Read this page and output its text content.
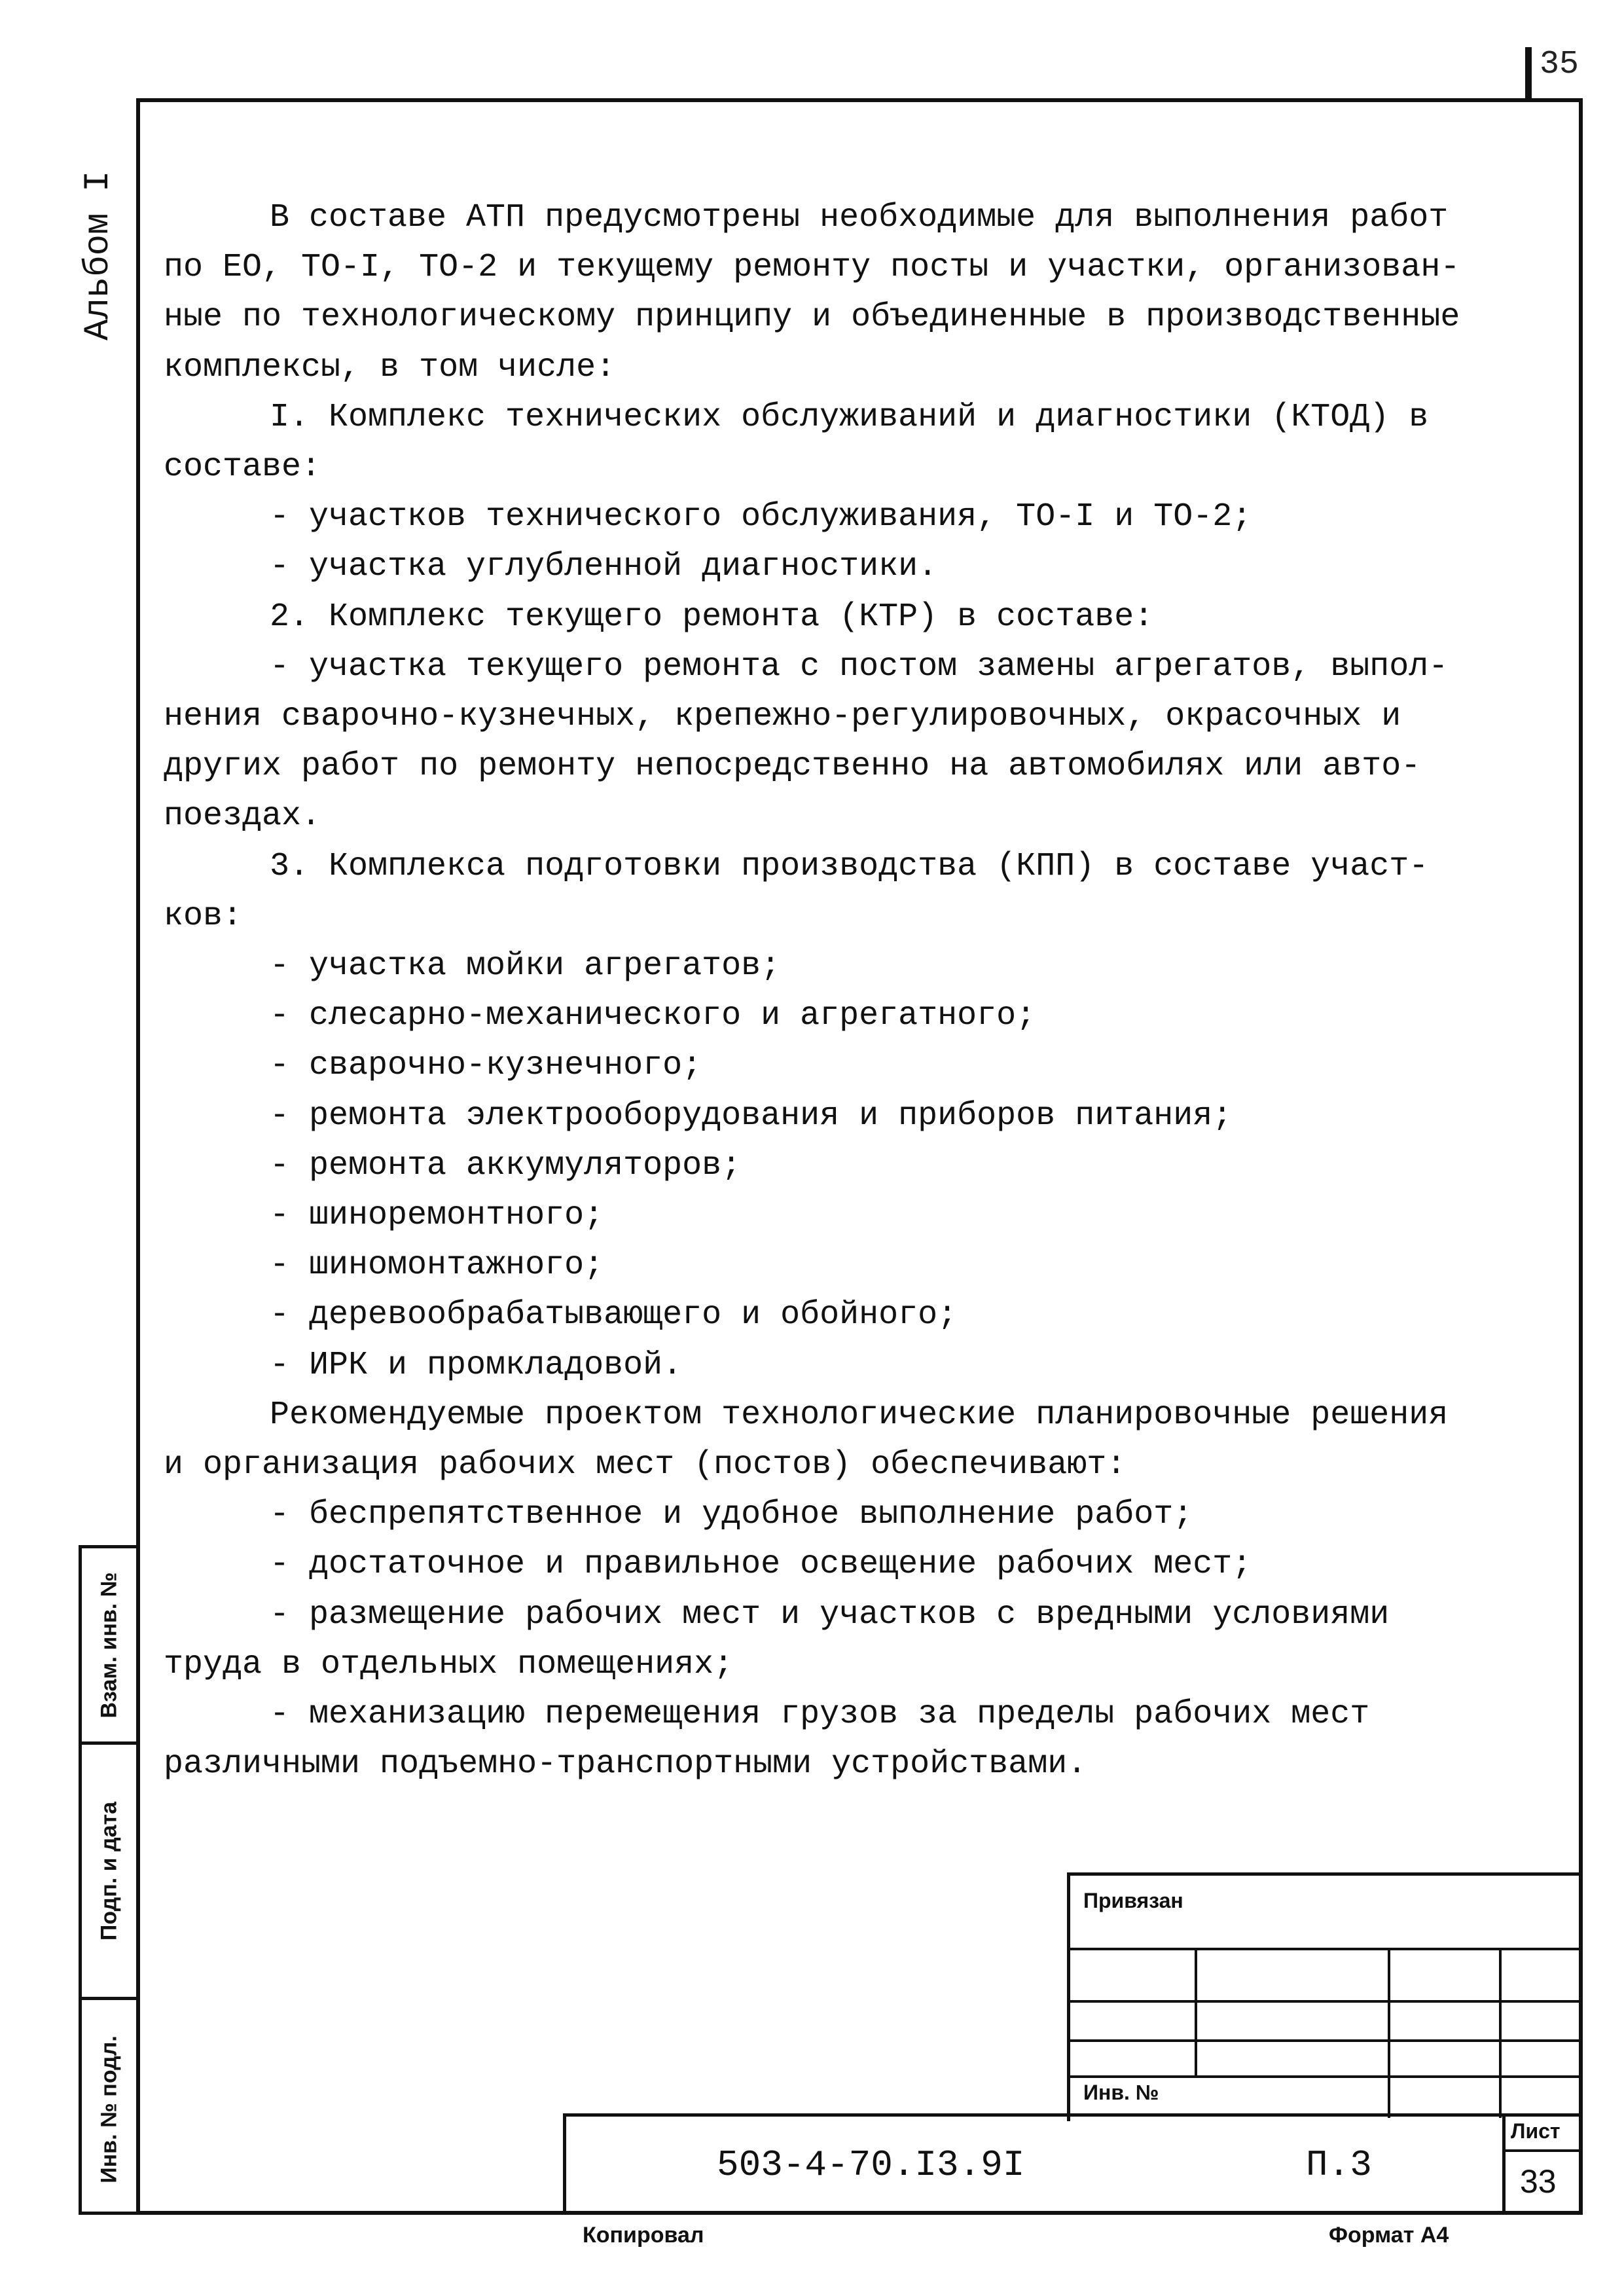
35
Альбом I
Взам. инв. №
Подп. и дата
Инв. № подл.

В составе АТП предусмотрены необходимые для выполнения работ

по ЕО, ТО-I, ТО-2 и текущему ремонту посты и участки, организован-

ные по технологическому принципу и объединенные в производственные

комплексы, в том числе:

I. Комплекс технических обслуживаний и диагностики (КТОД) в

составе:

- участков технического обслуживания, ТО-I и ТО-2;

- участка углубленной диагностики.

2. Комплекс текущего ремонта (КТР) в составе:

- участка текущего ремонта с постом замены агрегатов, выпол-

нения сварочно-кузнечных, крепежно-регулировочных, окрасочных и

других работ по ремонту непосредственно на автомобилях или авто-

поездах.

3. Комплекса подготовки производства (КПП) в составе участ-

ков:

- участка мойки агрегатов;

- слесарно-механического и агрегатного;

- сварочно-кузнечного;

- ремонта электрооборудования и приборов питания;

- ремонта аккумуляторов;

- шиноремонтного;

- шиномонтажного;

- деревообрабатывающего и обойного;

- ИРК и промкладовой.

Рекомендуемые проектом технологические планировочные решения

и организация рабочих мест (постов) обеспечивают:

- беспрепятственное и удобное выполнение работ;

- достаточное и правильное освещение рабочих мест;

- размещение рабочих мест и участков с вредными условиями

труда в отдельных помещениях;

- механизацию перемещения грузов за пределы рабочих мест

различными подъемно-транспортными устройствами.

Привязан
Инв. №
503-4-70.I3.9I	П.3
Лист
33
Копировал	Формат А4
